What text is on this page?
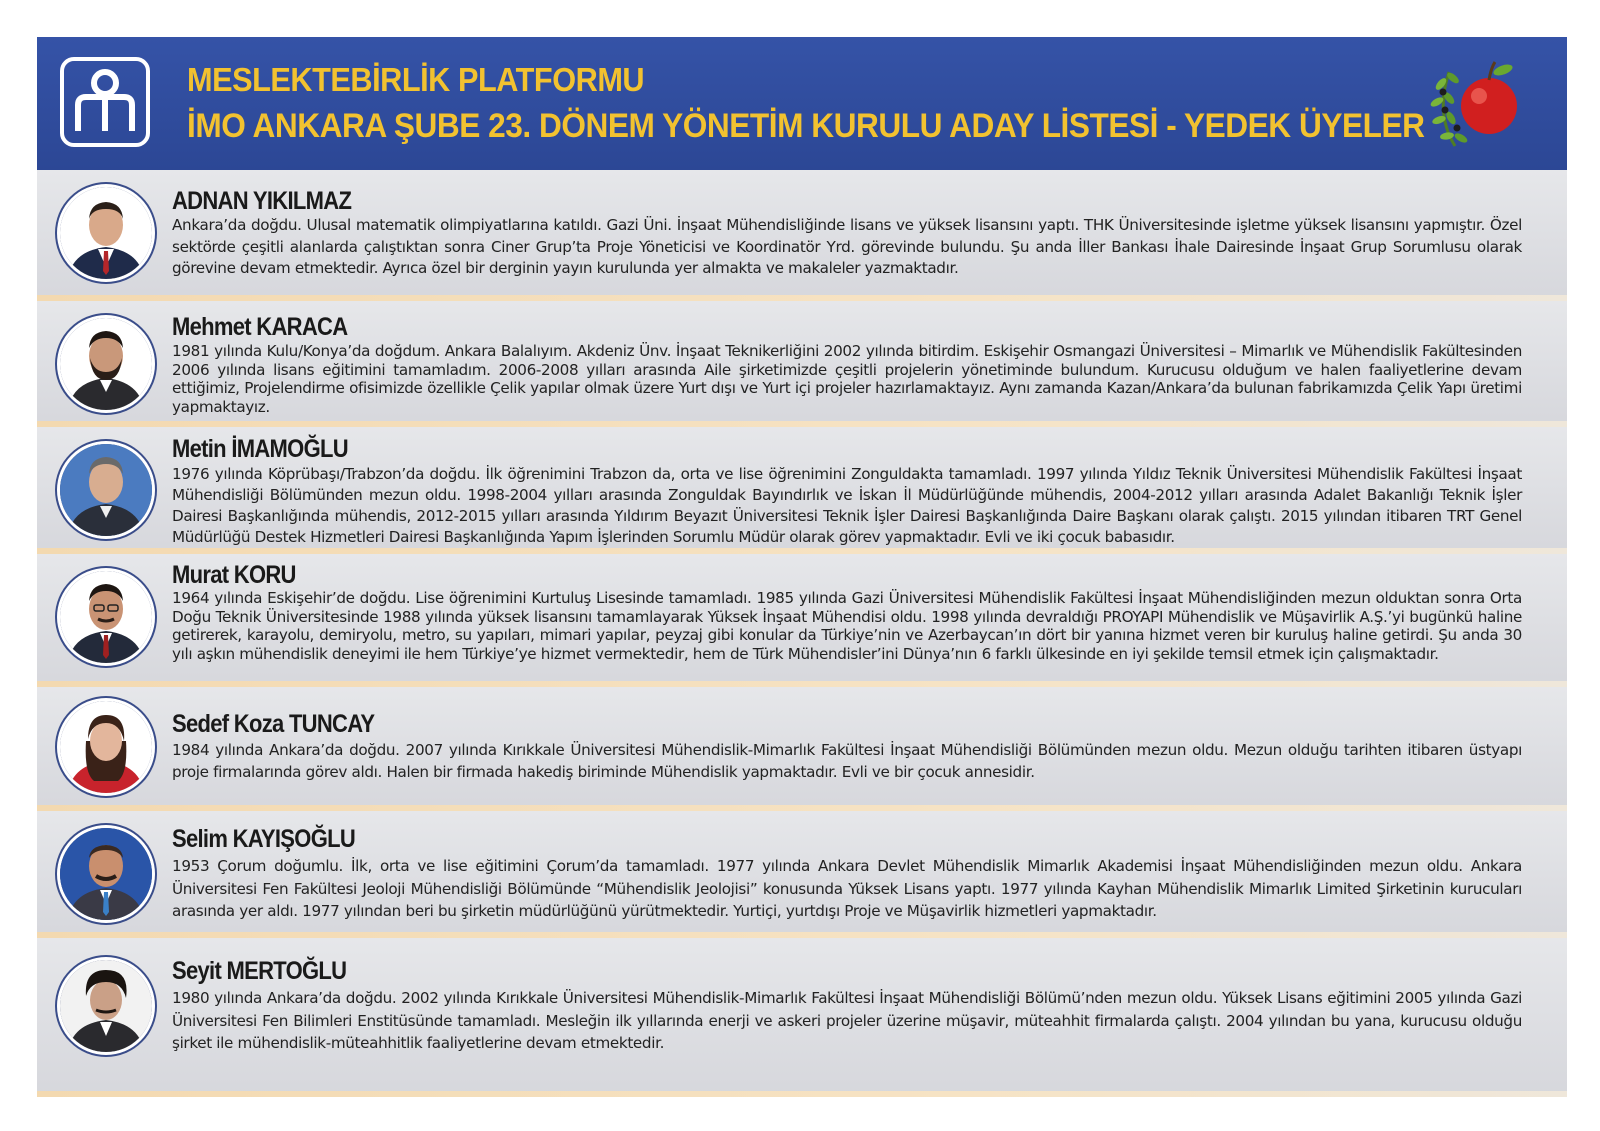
MESLEKTEBİRLİK PLATFORMU
İMO ANKARA ŞUBE 23. DÖNEM YÖNETİM KURULU ADAY LİSTESİ - YEDEK ÜYELER
ADNAN YIKILMAZ
Ankara’da doğdu. Ulusal matematik olimpiyatlarına katıldı. Gazi Üni. İnşaat Mühendisliğinde lisans ve yüksek lisansını yaptı. THK Üniversitesinde işletme yüksek lisansını yapmıştır. Özel sektörde çeşitli alanlarda çalıştıktan sonra Ciner Grup’ta Proje Yöneticisi ve Koordinatör Yrd. görevinde bulundu. Şu anda İller Bankası İhale Dairesinde İnşaat Grup Sorumlusu olarak görevine devam etmektedir. Ayrıca özel bir derginin yayın kurulunda yer almakta ve makaleler yazmaktadır.
Mehmet KARACA
1981 yılında Kulu/Konya’da doğdum. Ankara Balalıyım. Akdeniz Ünv. İnşaat Teknikerliğini 2002 yılında bitirdim. Eskişehir Osmangazi Üniversitesi – Mimarlık ve Mühendislik Fakültesinden 2006 yılında lisans eğitimini tamamladım. 2006-2008 yılları arasında Aile şirketimizde çeşitli projelerin yönetiminde bulundum. Kurucusu olduğum ve halen faaliyetlerine devam ettiğimiz, Projelendirme ofisimizde özellikle Çelik yapılar olmak üzere Yurt dışı ve Yurt içi projeler hazırlamaktayız. Aynı zamanda Kazan/Ankara’da bulunan fabrikamızda Çelik Yapı üretimi yapmaktayız.
Metin İMAMOĞLU
1976 yılında Köprübaşı/Trabzon’da doğdu. İlk öğrenimini Trabzon da, orta ve lise öğrenimini Zonguldakta tamamladı. 1997 yılında Yıldız Teknik Üniversitesi Mühendislik Fakültesi İnşaat Mühendisliği Bölümünden mezun oldu. 1998-2004 yılları arasında Zonguldak Bayındırlık ve İskan İl Müdürlüğünde mühendis, 2004-2012 yılları arasında Adalet Bakanlığı Teknik İşler Dairesi Başkanlığında mühendis, 2012-2015 yılları arasında Yıldırım Beyazıt Üniversitesi Teknik İşler Dairesi Başkanlığında Daire Başkanı olarak çalıştı. 2015 yılından itibaren TRT Genel Müdürlüğü Destek Hizmetleri Dairesi Başkanlığında Yapım İşlerinden Sorumlu Müdür olarak görev yapmaktadır. Evli ve iki çocuk babasıdır.
Murat KORU
1964 yılında Eskişehir’de doğdu. Lise öğrenimini Kurtuluş Lisesinde tamamladı. 1985 yılında Gazi Üniversitesi Mühendislik Fakültesi İnşaat Mühendisliğinden mezun olduktan sonra Orta Doğu Teknik Üniversitesinde 1988 yılında yüksek lisansını tamamlayarak Yüksek İnşaat Mühendisi oldu. 1998 yılında devraldığı PROYAPI Mühendislik ve Müşavirlik A.Ş.’yi bugünkü haline getirerek, karayolu, demiryolu, metro, su yapıları, mimari yapılar, peyzaj gibi konular da Türkiye’nin ve Azerbaycan’ın dört bir yanına hizmet veren bir kuruluş haline getirdi. Şu anda 30 yılı aşkın mühendislik deneyimi ile hem Türkiye’ye hizmet vermektedir, hem de Türk Mühendisler’ini Dünya’nın 6 farklı ülkesinde en iyi şekilde temsil etmek için çalışmaktadır.
Sedef Koza TUNCAY
1984 yılında Ankara’da doğdu. 2007 yılında Kırıkkale Üniversitesi Mühendislik-Mimarlık Fakültesi İnşaat Mühendisliği Bölümünden mezun oldu. Mezun olduğu tarihten itibaren üstyapı proje firmalarında görev aldı. Halen bir firmada hakediş biriminde Mühendislik yapmaktadır. Evli ve bir çocuk annesidir.
Selim KAYIŞOĞLU
1953 Çorum doğumlu. İlk, orta ve lise eğitimini Çorum’da tamamladı. 1977 yılında Ankara Devlet Mühendislik Mimarlık Akademisi İnşaat Mühendisliğinden mezun oldu. Ankara Üniversitesi Fen Fakültesi Jeoloji Mühendisliği Bölümünde “Mühendislik Jeolojisi” konusunda Yüksek Lisans yaptı. 1977 yılında Kayhan Mühendislik Mimarlık Limited Şirketinin kurucuları arasında yer aldı. 1977 yılından beri bu şirketin müdürlüğünü yürütmektedir. Yurtiçi, yurtdışı Proje ve Müşavirlik hizmetleri yapmaktadır.
Seyit MERTOĞLU
1980 yılında Ankara’da doğdu. 2002 yılında Kırıkkale Üniversitesi Mühendislik-Mimarlık Fakültesi İnşaat Mühendisliği Bölümü’nden mezun oldu. Yüksek Lisans eğitimini 2005 yılında Gazi Üniversitesi Fen Bilimleri Enstitüsünde tamamladı. Mesleğin ilk yıllarında enerji ve askeri projeler üzerine müşavir, müteahhit firmalarda çalıştı. 2004 yılından bu yana, kurucusu olduğu şirket ile mühendislik-müteahhitlik faaliyetlerine devam etmektedir.
